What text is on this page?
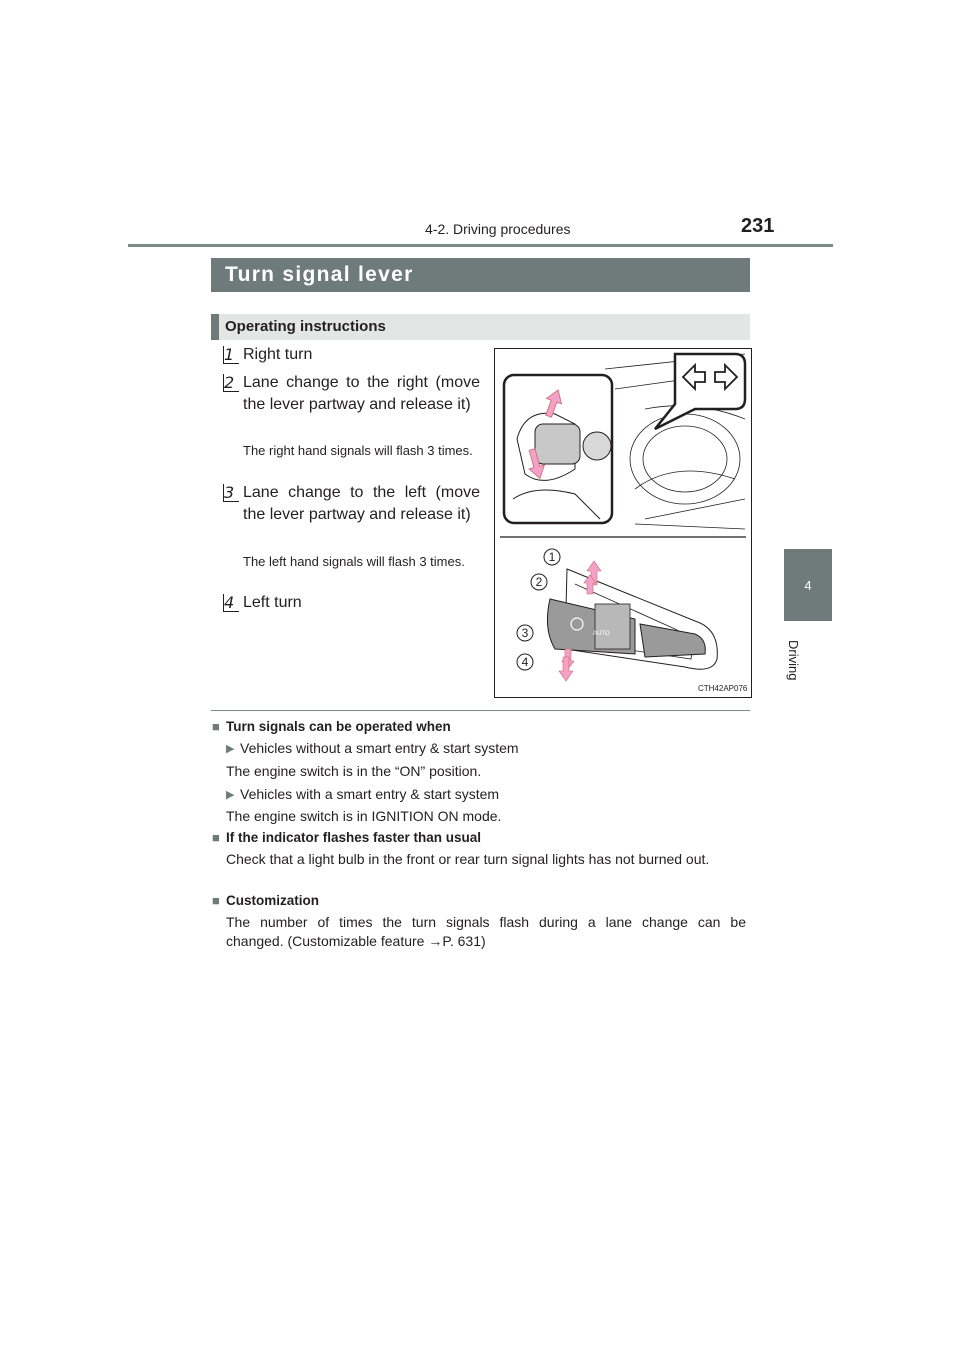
4-2. Driving procedures	231
4
Driving
Turn signal lever
Operating instructions
1 Right turn
2 Lane change to the right (move the lever partway and release it)
The right hand signals will flash 3 times.
3 Lane change to the left (move the lever partway and release it)
The left hand signals will flash 3 times.
4 Left turn
AUTO
1
2
3
4
CTH42AP076
■ Turn signals can be operated when
▶ Vehicles without a smart entry & start system
The engine switch is in the “ON” position.
▶ Vehicles with a smart entry & start system
The engine switch is in IGNITION ON mode.
■ If the indicator flashes faster than usual
Check that a light bulb in the front or rear turn signal lights has not burned out.
■ Customization
The number of times the turn signals flash during a lane change can be
changed. (Customizable feature →P. 631)
